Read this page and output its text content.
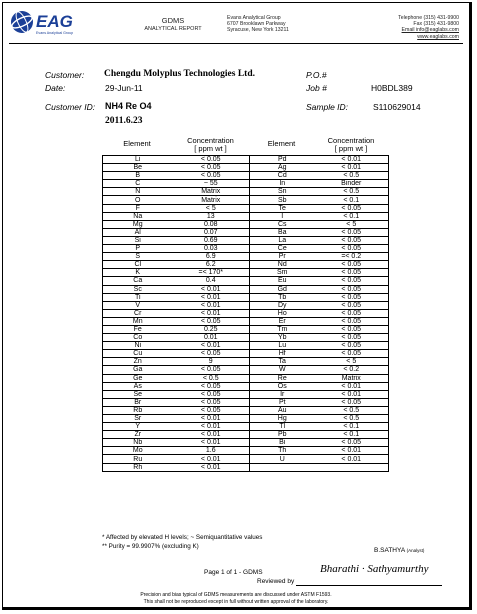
EAG
Evans Analytical Group
GDMS
ANALYTICAL REPORT
Evans Analytical Group
6707 Brooklawn Parkway
Syracuse, New York 13211
Telephone (315) 431-9900
Fax (315) 431-9800
Email info@eaglabs.com
www.eaglabs.com
Customer: Chengdu Molyplus Technologies Ltd.
Date:	29-Jun-11
P.O.#
Job #	H0BDL389
Customer ID: NH4 Re O4
2011.6.23
Sample ID:	S110629014
Element	Concentration
[ ppm wt ]
Element	Concentration
[ ppm wt ]
Li	< 0.05	Pd	< 0.01
Be	< 0.05	Ag	< 0.01
B	< 0.05	Cd	< 0.5
C	~ 55	In	Binder
N	Matrix	Sn	< 0.5
O	Matrix	Sb	< 0.1
F	< 5	Te	< 0.05
Na	13	I	< 0.1
Mg	0.08	Cs	< 5
Al	0.07	Ba	< 0.05
Si	0.69	La	< 0.05
P	0.03	Ce	< 0.05
S	6.9	Pr	=< 0.2
Cl	6.2	Nd	< 0.05
K	=< 170*	Sm	< 0.05
Ca	0.4	Eu	< 0.05
Sc	< 0.01	Gd	< 0.05
Ti	< 0.01	Tb	< 0.05
V	< 0.01	Dy	< 0.05
Cr	< 0.01	Ho	< 0.05
Mn	< 0.05	Er	< 0.05
Fe	0.25	Tm	< 0.05
Co	0.01	Yb	< 0.05
Ni	< 0.01	Lu	< 0.05
Cu	< 0.05	Hf	< 0.05
Zn	9	Ta	< 5
Ga	< 0.05	W	< 0.2
Ge	< 0.5	Re	Matrix
As	< 0.05	Os	< 0.01
Se	< 0.05	Ir	< 0.01
Br	< 0.05	Pt	< 0.05
Rb	< 0.05	Au	< 0.5
Sr	< 0.01	Hg	< 0.5
Y	< 0.01	Tl	< 0.1
Zr	< 0.01	Pb	< 0.1
Nb	< 0.01	Bi	< 0.05
Mo	1.6	Th	< 0.01
Ru	< 0.01	U	< 0.01
Rh	< 0.01		
* Affected by elevated H levels; ~ Semiquantitative values
** Purity = 99.9907% (excluding K)
B.SATHYA (Analyst)
Bharathi · Sathyamurthy
Page 1 of 1 - GDMS
Reviewed by
Precision and bias typical of GDMS measurements are discussed under ASTM F1593.
This shall not be reproduced except in full without written approval of the laboratory.
